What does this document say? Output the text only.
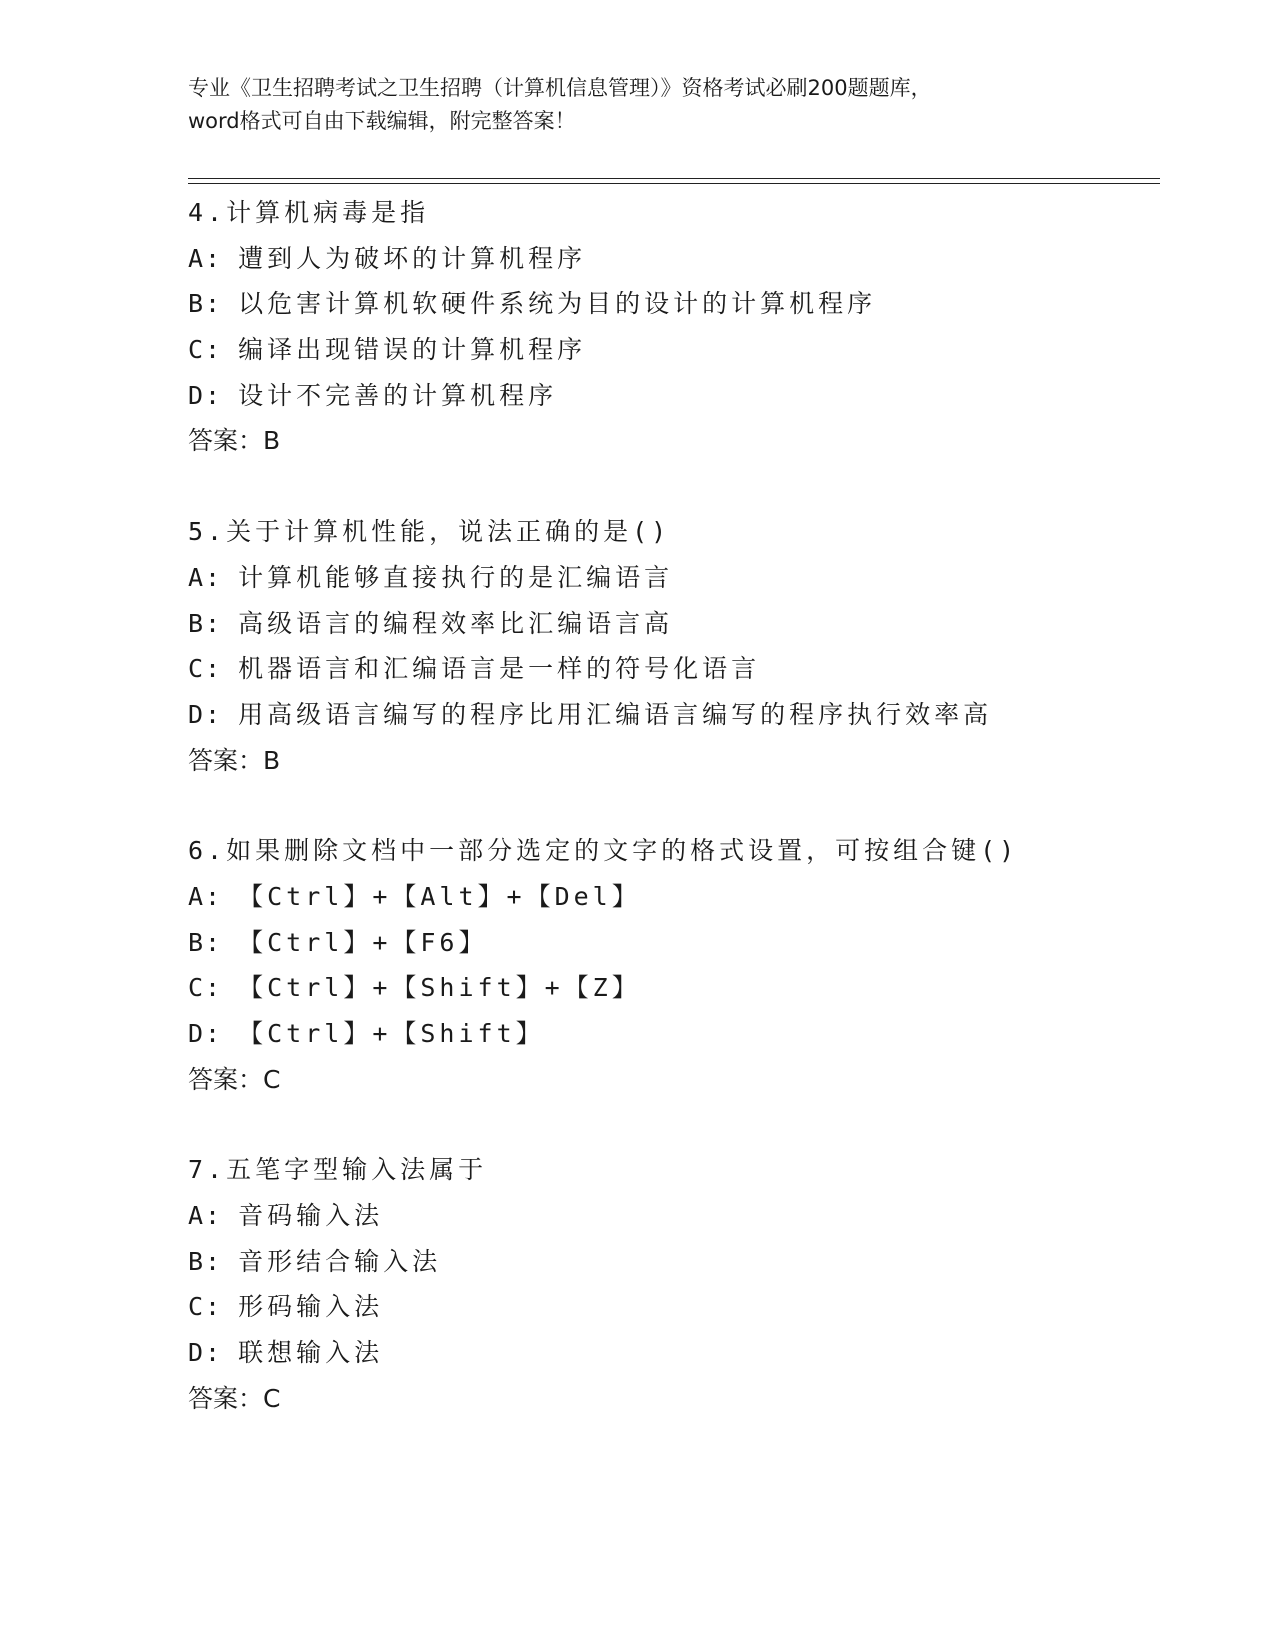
专业《卫生招聘考试之卫生招聘（计算机信息管理）》资格考试必刷200题题库，
word格式可自由下载编辑，附完整答案！
4.计算机病毒是指
A: 遭到人为破坏的计算机程序
B: 以危害计算机软硬件系统为目的设计的计算机程序
C: 编译出现错误的计算机程序
D: 设计不完善的计算机程序
答案：B
5.关于计算机性能，说法正确的是()
A: 计算机能够直接执行的是汇编语言
B: 高级语言的编程效率比汇编语言高
C: 机器语言和汇编语言是一样的符号化语言
D: 用高级语言编写的程序比用汇编语言编写的程序执行效率高
答案：B
6.如果删除文档中一部分选定的文字的格式设置，可按组合键()
A: 【Ctrl】+【Alt】+【Del】
B: 【Ctrl】+【F6】
C: 【Ctrl】+【Shift】+【Z】
D: 【Ctrl】+【Shift】
答案：C
7.五笔字型输入法属于
A: 音码输入法
B: 音形结合输入法
C: 形码输入法
D: 联想输入法
答案：C
